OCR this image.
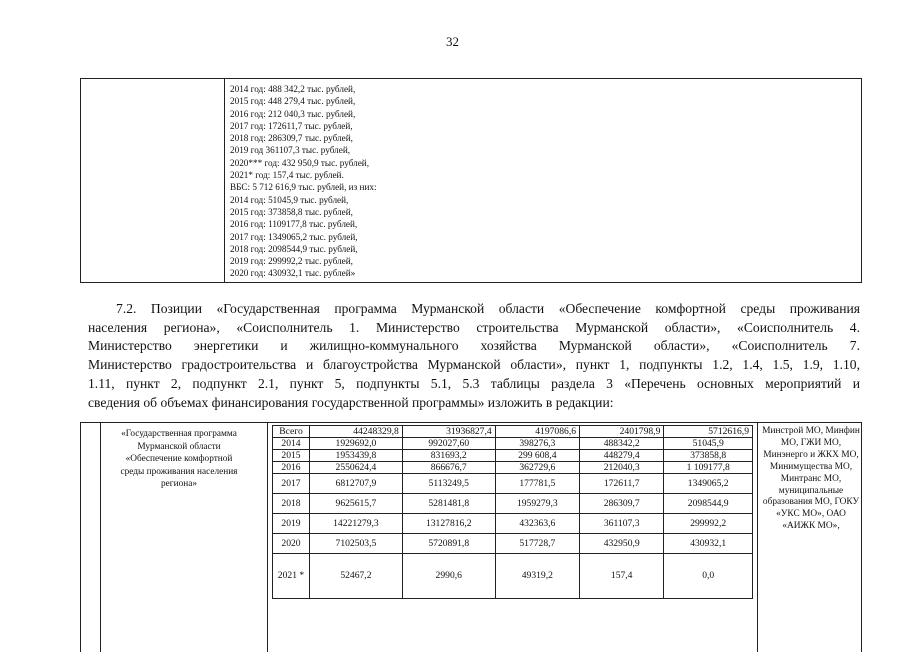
32
2014 год: 488 342,2 тыс. рублей,
2015 год: 448 279,4 тыс. рублей,
2016 год: 212 040,3 тыс. рублей,
2017 год: 172611,7 тыс. рублей,
2018 год: 286309,7 тыс. рублей,
2019 год 361107,3 тыс. рублей,
2020*** год: 432 950,9 тыс. рублей,
2021* год: 157,4 тыс. рублей.
ВБС: 5 712 616,9 тыс. рублей, из них:
2014 год: 51045,9 тыс. рублей,
2015 год: 373858,8 тыс. рублей,
2016 год: 1109177,8 тыс. рублей,
2017 год: 1349065,2 тыс. рублей,
2018 год: 2098544,9 тыс. рублей,
2019 год: 299992,2 тыс. рублей,
2020 год: 430932,1 тыс. рублей»
7.2. Позиции «Государственная программа Мурманской области «Обеспечение комфортной среды проживания
населения региона», «Соисполнитель 1. Министерство строительства Мурманской области», «Соисполнитель 4.
Министерство энергетики и жилищно-коммунального хозяйства Мурманской области», «Соисполнитель 7.
Министерство градостроительства и благоустройства Мурманской области», пункт 1, подпункты 1.2, 1.4, 1.5, 1.9, 1.10,
1.11, пункт 2, подпункт 2.1, пункт 5, подпункты 5.1, 5.3 таблицы раздела 3 «Перечень основных мероприятий и
сведения об объемах финансирования государственной программы» изложить в редакции:
«Государственная программа Мурманской области «Обеспечение комфортной среды проживания населения региона»
Всего	44248329,8	31936827,4	4197086,6	2401798,9	5712616,9
2014	1929692,0	992027,60	398276,3	488342,2	51045,9
2015	1953439,8	831693,2	299 608,4	448279,4	373858,8
2016	2550624,4	866676,7	362729,6	212040,3	1 109177,8
2017	6812707,9	5113249,5	177781,5	172611,7	1349065,2
2018	9625615,7	5281481,8	1959279,3	286309,7	2098544,9
2019	14221279,3	13127816,2	432363,6	361107,3	299992,2
2020	7102503,5	5720891,8	517728,7	432950,9	430932,1
2021 *	52467,2	2990,6	49319,2	157,4	0,0
Минстрой МО, Минфин МО, ГЖИ МО, Минэнерго и ЖКХ МО, Минимущества МО, Минтранс МО, муниципальные образования МО, ГОКУ «УКС МО», ОАО «АИЖК МО»,
